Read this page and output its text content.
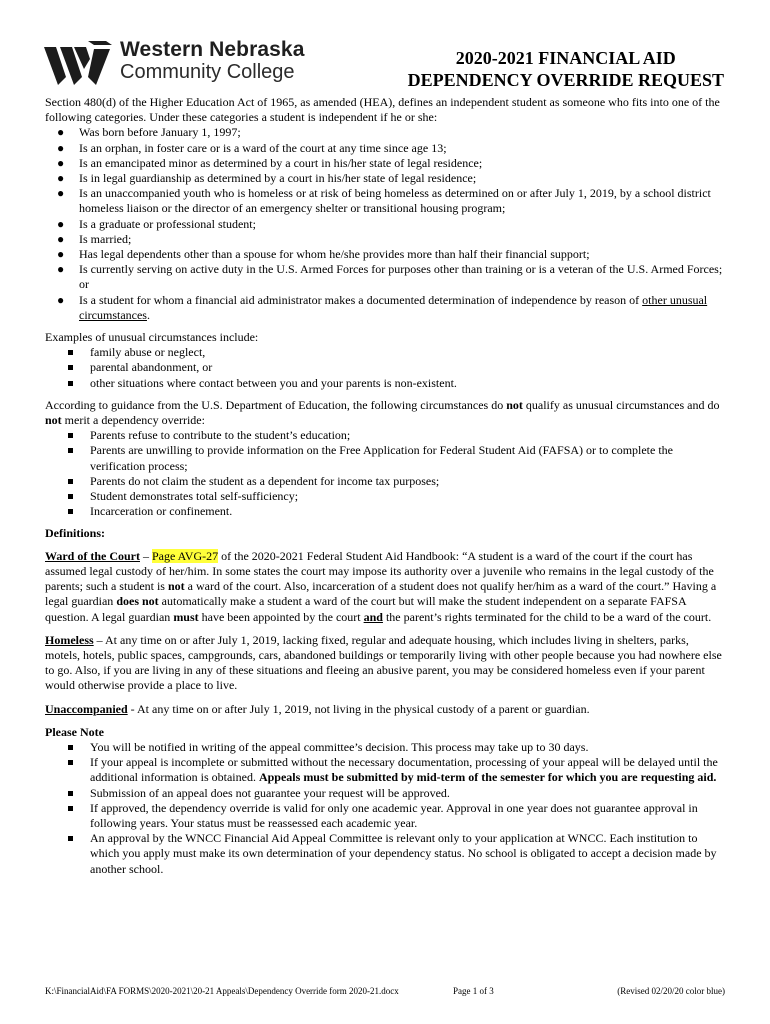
Western Nebraska
Community College
2020-2021 FINANCIAL AID
DEPENDENCY OVERRIDE REQUEST

Section 480(d) of the Higher Education Act of 1965, as amended (HEA), defines an independent student as someone who fits into one of the following categories. Under these categories a student is independent if he or she:

● Was born before January 1, 1997;
● Is an orphan, in foster care or is a ward of the court at any time since age 13;
● Is an emancipated minor as determined by a court in his/her state of legal residence;
● Is in legal guardianship as determined by a court in his/her state of legal residence;
● Is an unaccompanied youth who is homeless or at risk of being homeless as determined on or after July 1, 2019, by a school district homeless liaison or the director of an emergency shelter or transitional housing program;
● Is a graduate or professional student;
● Is married;
● Has legal dependents other than a spouse for whom he/she provides more than half their financial support;
● Is currently serving on active duty in the U.S. Armed Forces for purposes other than training or is a veteran of the U.S. Armed Forces; or
● Is a student for whom a financial aid administrator makes a documented determination of independence by reason of other unusual circumstances.

Examples of unusual circumstances include:

family abuse or neglect,
parental abandonment, or
other situations where contact between you and your parents is non-existent.

According to guidance from the U.S. Department of Education, the following circumstances do not qualify as unusual circumstances and do not merit a dependency override:

Parents refuse to contribute to the student’s education;
Parents are unwilling to provide information on the Free Application for Federal Student Aid (FAFSA) or to complete the verification process;
Parents do not claim the student as a dependent for income tax purposes;
Student demonstrates total self-sufficiency;
Incarceration or confinement.

Definitions:

Ward of the Court – Page AVG-27 of the 2020-2021 Federal Student Aid Handbook: “A student is a ward of the court if the court has assumed legal custody of her/him. In some states the court may impose its authority over a juvenile who remains in the legal custody of the parents; such a student is not a ward of the court. Also, incarceration of a student does not qualify her/him as a ward of the court.” Having a legal guardian does not automatically make a student a ward of the court but will make the student independent on a separate FAFSA question. A legal guardian must have been appointed by the court and the parent’s rights terminated for the child to be a ward of the court.

Homeless – At any time on or after July 1, 2019, lacking fixed, regular and adequate housing, which includes living in shelters, parks, motels, hotels, public spaces, campgrounds, cars, abandoned buildings or temporarily living with other people because you had nowhere else to go. Also, if you are living in any of these situations and fleeing an abusive parent, you may be considered homeless even if your parent would otherwise provide a place to live.

Unaccompanied - At any time on or after July 1, 2019, not living in the physical custody of a parent or guardian.

Please Note

You will be notified in writing of the appeal committee’s decision. This process may take up to 30 days.
If your appeal is incomplete or submitted without the necessary documentation, processing of your appeal will be delayed until the additional information is obtained. Appeals must be submitted by mid-term of the semester for which you are requesting aid.
Submission of an appeal does not guarantee your request will be approved.
If approved, the dependency override is valid for only one academic year. Approval in one year does not guarantee approval in following years. Your status must be reassessed each academic year.
An approval by the WNCC Financial Aid Appeal Committee is relevant only to your application at WNCC. Each institution to which you apply must make its own determination of your dependency status. No school is obligated to accept a decision made by another school.
K:\FinancialAid\FA FORMS\2020-2021\20-21 Appeals\Dependency Override form 2020-21.docx	Page 1 of 3	(Revised 02/20/20 color blue)
